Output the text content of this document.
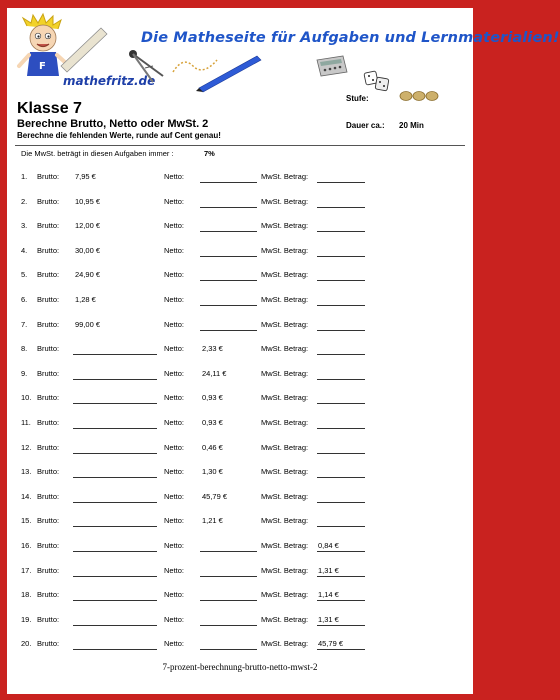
F
mathefritz.de
Die Matheseite für Aufgaben und Lernmaterialien!
Klasse 7
Berechne Brutto, Netto oder MwSt. 2
Berechne die fehlenden Werte, runde auf Cent genau!
Stufe:
Dauer ca.: 20 Min
Die MwSt. beträgt in diesen Aufgaben immer :	7%
1. Brutto: 7,95 €	Netto:	MwSt. Betrag:
2. Brutto: 10,95 €	Netto:	MwSt. Betrag:
3. Brutto: 12,00 €	Netto:	MwSt. Betrag:
4. Brutto: 30,00 €	Netto:	MwSt. Betrag:
5. Brutto: 24,90 €	Netto:	MwSt. Betrag:
6. Brutto: 1,28 €	Netto:	MwSt. Betrag:
7. Brutto: 99,00 €	Netto:	MwSt. Betrag:
8. Brutto:	Netto: 2,33 €	MwSt. Betrag:
9. Brutto:	Netto: 24,11 €	MwSt. Betrag:
10. Brutto:	Netto: 0,93 €	MwSt. Betrag:
11. Brutto:	Netto: 0,93 €	MwSt. Betrag:
12. Brutto:	Netto: 0,46 €	MwSt. Betrag:
13. Brutto:	Netto: 1,30 €	MwSt. Betrag:
14. Brutto:	Netto: 45,79 €	MwSt. Betrag:
15. Brutto:	Netto: 1,21 €	MwSt. Betrag:
16. Brutto:	Netto:	MwSt. Betrag: 0,84 €
17. Brutto:	Netto:	MwSt. Betrag: 1,31 €
18. Brutto:	Netto:	MwSt. Betrag: 1,14 €
19. Brutto:	Netto:	MwSt. Betrag: 1,31 €
20. Brutto:	Netto:	MwSt. Betrag: 45,79 €
7-prozent-berechnung-brutto-netto-mwst-2
